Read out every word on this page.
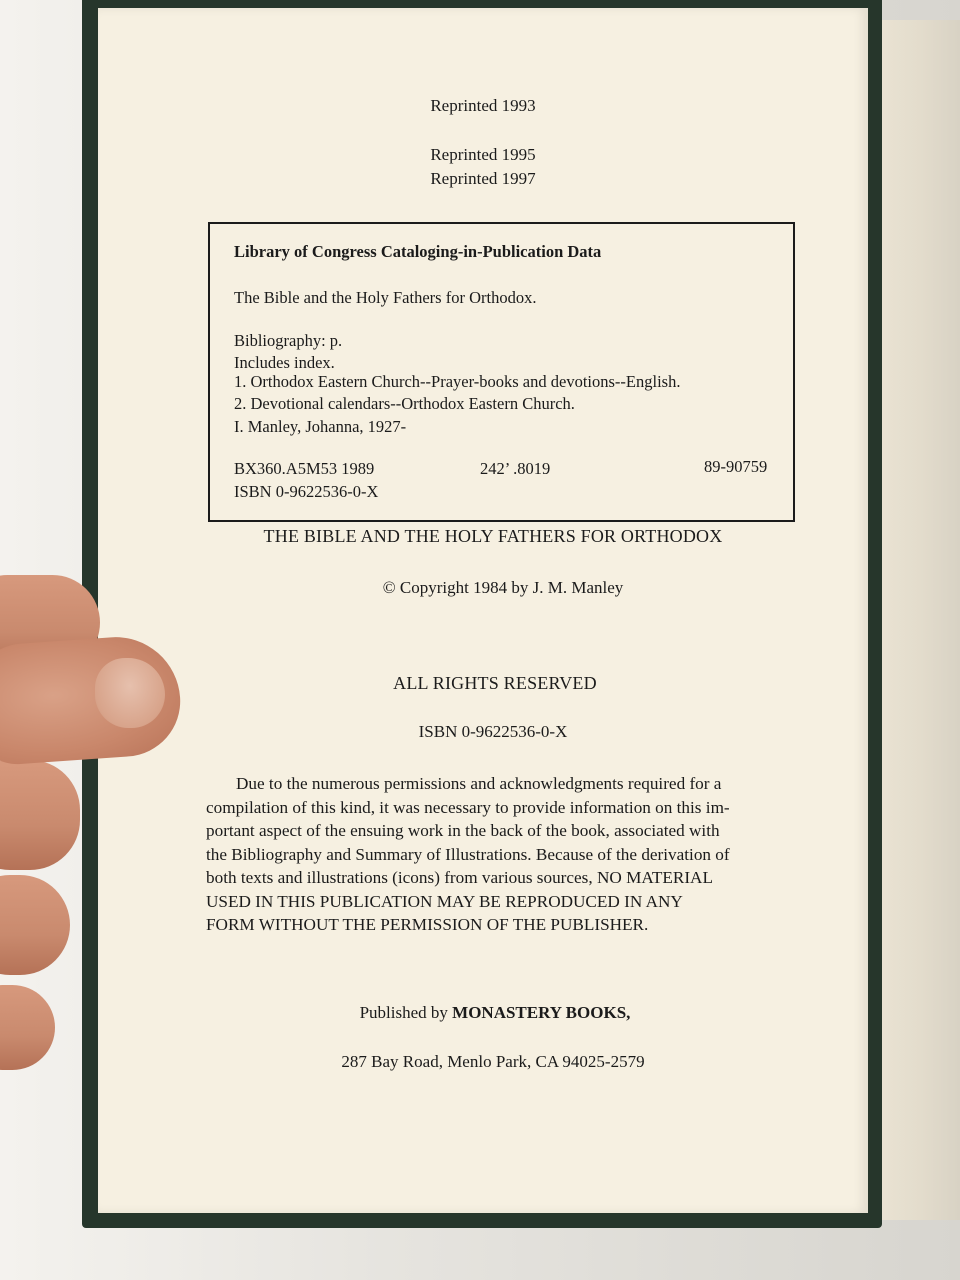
Reprinted 1993
Reprinted 1995
Reprinted 1997
Library of Congress Cataloging-in-Publication Data
The Bible and the Holy Fathers for Orthodox.
Bibliography: p.
Includes index.
1. Orthodox Eastern Church--Prayer-books and devotions--English.
2. Devotional calendars--Orthodox Eastern Church.
I. Manley, Johanna, 1927-
BX360.A5M53 1989	242’ .8019	89-90759
ISBN 0-9622536-0-X
THE BIBLE AND THE HOLY FATHERS FOR ORTHODOX
© Copyright 1984 by J. M. Manley
ALL RIGHTS RESERVED
ISBN 0-9622536-0-X
Due to the numerous permissions and acknowledgments required for a
compilation of this kind, it was necessary to provide information on this im-
portant aspect of the ensuing work in the back of the book, associated with
the Bibliography and Summary of Illustrations. Because of the derivation of
both texts and illustrations (icons) from various sources, NO MATERIAL
USED IN THIS PUBLICATION MAY BE REPRODUCED IN ANY
FORM WITHOUT THE PERMISSION OF THE PUBLISHER.
Published by MONASTERY BOOKS,
287 Bay Road, Menlo Park, CA 94025-2579
